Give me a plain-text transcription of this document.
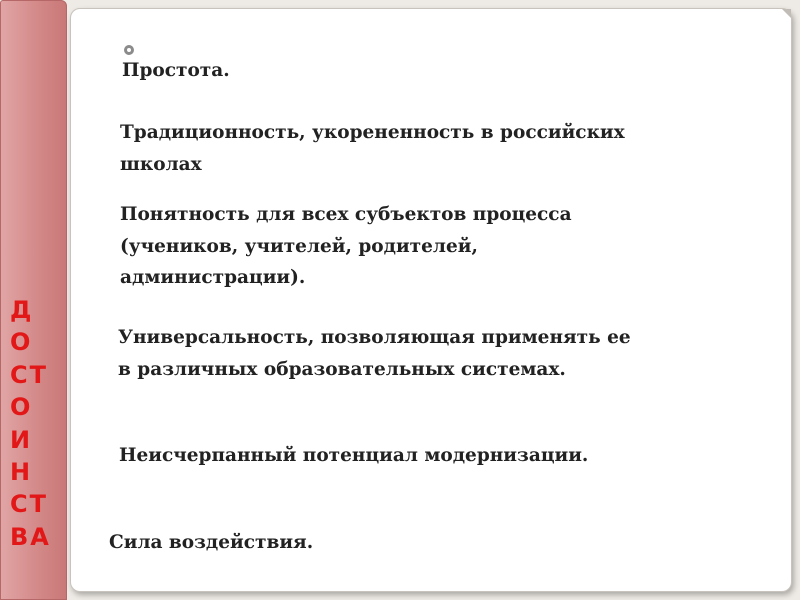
Д
О
СТ
О
И
Н
СТ
ВА
Простота.
Традиционность, укорененность в российских
школах
Понятность для всех субъектов процесса
(учеников, учителей, родителей,
администрации).
Универсальность, позволяющая применять ее
в различных образовательных системах.
Неисчерпанный потенциал модернизации.
Сила воздействия.
